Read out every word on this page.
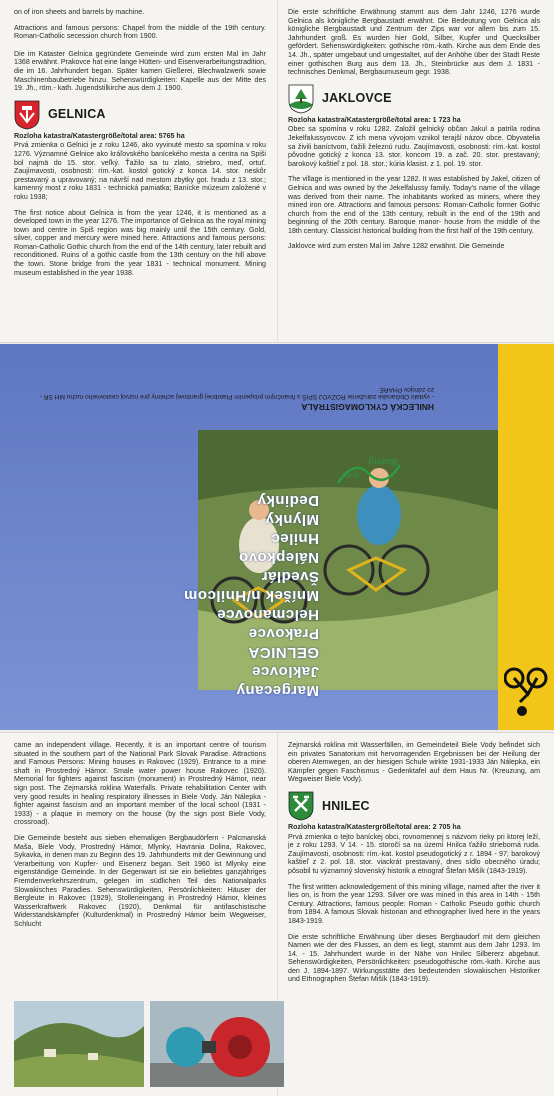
on of iron sheets and barrels by machine.

Attractions and famous persons: Chapel from the middle of the 19th century. Roman-Catholic secession church from 1900.

Die im Kataster Gelnica gegründete Gemeinde wird zum ersten Mal im Jahr 1368 erwähnt. Prakovce hat eine lange Hütten- und Eisenverarbeitungstradition, die im 16. Jahrhundert began. Später kamen Gießerei, Blechwalzwerk sowie Maschinenbaubetriebe hinzu. Sehenswürdigkeiten: Kapelle aus der Mitte des 19. Jh., röm.- kath. Jugendstilkirche aus dem J. 1900.

GELNICA
Rozloha katastra/Katastergröße/total area: 5765 ha

Prvá zmienka o Gelnici je z roku 1246, ako vyvinuté mesto sa spomína v roku 1276. Významné Gelnice ako kráľovského banícekého mesta a centra na Spiši bol najmä do 15. stor. veľký. Ťažilo sa tu zlato, striebro, meď, ortuť. Zaujímavosti, osobnosti: rím.-kat. kostol gotický z konca 14. stor. neskôr prestavaný a upravovaný; na návrší nad mestom zbytky got. hradu z 13. stor.; kamenný most z roku 1831 - technická pamiatka; Banícke múzeum založené v roku 1938;

The first notice about Gelnica is from the year 1246, it is mentioned as a developed town in the year 1276. The importance of Gelnica as the royal mining town and centre in Spiš region was big mainly until the 15th century. Gold, silver, copper and mercury were mined here. Attractions and famous persons: Roman-Catholic Gothic church from the end of the 14th century, later rebuilt and reconditioned. Ruins of a gothic castle from the 13th century on the hill above the town. Stone bridge from the year 1831 - technical monument. Mining museum established in the year 1938.

Die erste schriftliche Erwähnung stammt aus dem Jahr 1246, 1276 wurde Gelnica als königliche Bergbaustadt erwähnt. Die Bedeutung von Gelnica als königliche Bergbaustadt und Zentrum der Zips war vor allem bis zum 15. Jahrhundert groß. Es wurden hier Gold, Silber, Kupfer und Quecksilber gefördert. Sehenswürdigkeiten: gothische röm.-kath. Kirche aus dem Ende des 14. Jh., später umgebaut und umgestaltet, auf der Anhöhe über der Stadt Reste einer gothischen Burg aus dem 13. Jh., Steinbrücke aus dem J. 1831 - technisches Denkmal, Bergbaumuseum gegr. 1938.

JAKLOVCE
Rozloha katastra/Katastergröße/total area: 1 723 ha

Obec sa spomína v roku 1282. Založil gelnický občan Jakul a patrila rodina Jekelfalussyovcov. Z ich mena vývojom vznikol terajší názov obce. Obyvatelia sa živili baníctvom, ťažili železnú rudu. Zaujímavosti, osobnosti: rím.-kat. kostol pôvodne gotický z konca 13. stor. koncom 19. a zač. 20. stor. prestavaný; barokový kaštieľ z pol. 18. stor.; kúria klasist. z 1. pol. 19. stor.

The village is mentioned in the year 1282. It was established by Jakel, citizen of Gelnica and was owned by the Jekelfalussy family. Today's name of the village was derived from their name. The inhabitants worked as miners, where they mined iron ore. Attractions and famous persons: Roman-Catholic former Gothic church from the end of the 13th century, rebuilt in the end of the 19th and beginning of the 20th century. Baroque manor- house from the middle of the 18th century. Classicist historical building from the first half of the 19th century.

Jaklovce wird zum ersten Mal im Jahre 1282 erwähnt. Die Gemeinde

Margecany
Jaklovce
GELNICA
Prakovce
Helcmanovce
Mníšek n/Hnilcom
Švedlár
Nálepkovo
Hnilec
Mlynky
Dedinky
Rozvoj
Spiša
HNILECKÁ CYKLOMAGISTRÁLA
- vydalo Občianske združenie ROZVOJ SPIŠ s finančným prispením Platobnej grantovej schémy pre rozvoj cestovného ruchu MH SR - zo zdrojov PHARE

came an independent village. Recently, it is an important centre of tourism situated in the southern part of the National Park Slovak Paradise. Attractions and Famous Persons: Mining houses in Rakovec (1929). Entrance to a mine shaft in Prostredný Hámor. Smale water power house Rakovec (1920). Memorial for fighters against fascism (monument) in Prostredný Hámor, near sign post. The Zejmarská roklina Waterfalls. Private rehabilitation Center with very good results in healing respiratory illnesses in Biele Vody. Ján Nálepka - fighter against fascism and an important member of the local school (1931 - 1933) - a plaque in memory on the house (by the sign post Biele Vody, crossroad).

Die Gemeinde besteht aus sieben ehemaligen Bergbaudörfern - Palcmanská Maša, Biele Vody, Prostredný Hámor, Mlynky, Havrania Dolina, Rakovec, Sykavka, in denen man zu Beginn des 19. Jahrhunderts mit der Gewinnung und Verarbeitung von Kupfer- und Eisenerz began. Seit 1960 ist Mlynky eine eigenständige Gemeinde. In der Gegenwart ist sie ein beliebtes ganzjähriges Fremdenverkehrszentrum, gelegen im südlichen Teil des Nationalparks Slowakisches Paradies. Sehenswürdigkeiten, Persönlichkeiten: Häuser der Bergleute in Rakovec (1929), Stolleneingang in Prostredný Hámor, kleines Wasserkraftwerk Rakovec (1920), Denkmal für antifaschistische Widerstandskämpfer (Kulturdenkmal) in Prostredný Hámor beim Wegweiser, Schlucht

Zejmarská roklina mit Wasserfällen, im Gemeindeteil Biele Vody befindet sich ein privates Sanatorium mit hervorragenden Ergebnissen bei der Heilung der oberen Atemwegen, an der hiesigen Schule wirkte 1931-1933 Ján Nálepka, ein Kämpfer gegen Faschismus - Gedenktafel auf dem Haus Nr. (Kreuzung, am Wegweiser Biele Vody).

HNILEC
Rozloha katastra/Katastergröße/total area: 2 705 ha

Prvá zmienka o tejto baníckej obci, rovnomennej s názvom rieky pri ktorej leží, je z roku 1293. V 14. - 15. storočí sa na území Hnilca ťažilo strieborná ruda. Zaujímavosti, osobnosti: rím.-kat. kostol pseudogotický z r. 1894 - 97; barokový kaštieľ z 2. pol. 18. stor. viackrát prestavaný, dnes sídlo obecného úradu; pôsobil tu významný slovenský historik a etnograf Štefan Mišík (1843-1919).

The first written acknowledgement of this mining village, named after the river it lies on, is from the year 1293. Silver ore was mined in this area in 14th - 15th Century. Attractions, famous people: Roman - Catholic Pseudo gothic church from 1894. A famous Slovak historian and ethnographer lived here in the years 1843-1919.

Die erste schriftliche Erwähnung über dieses Bergbaudorf mit dem gleichen Namen wie der des Flusses, an dem es liegt, stammt aus dem Jahr 1293. Im 14. - 15. Jahrhundert wurde in der Nähe von Hnilec Silbererz abgebaut. Sehenswürdigkeiten, Persönlichkeiten: pseudogothische röm.-kath. Kirche aus den J. 1894-1897. Wirkungsstätte des bedeutenden slowakischen Historiker und Ethnographen Štefan Mišík (1843-1919).
